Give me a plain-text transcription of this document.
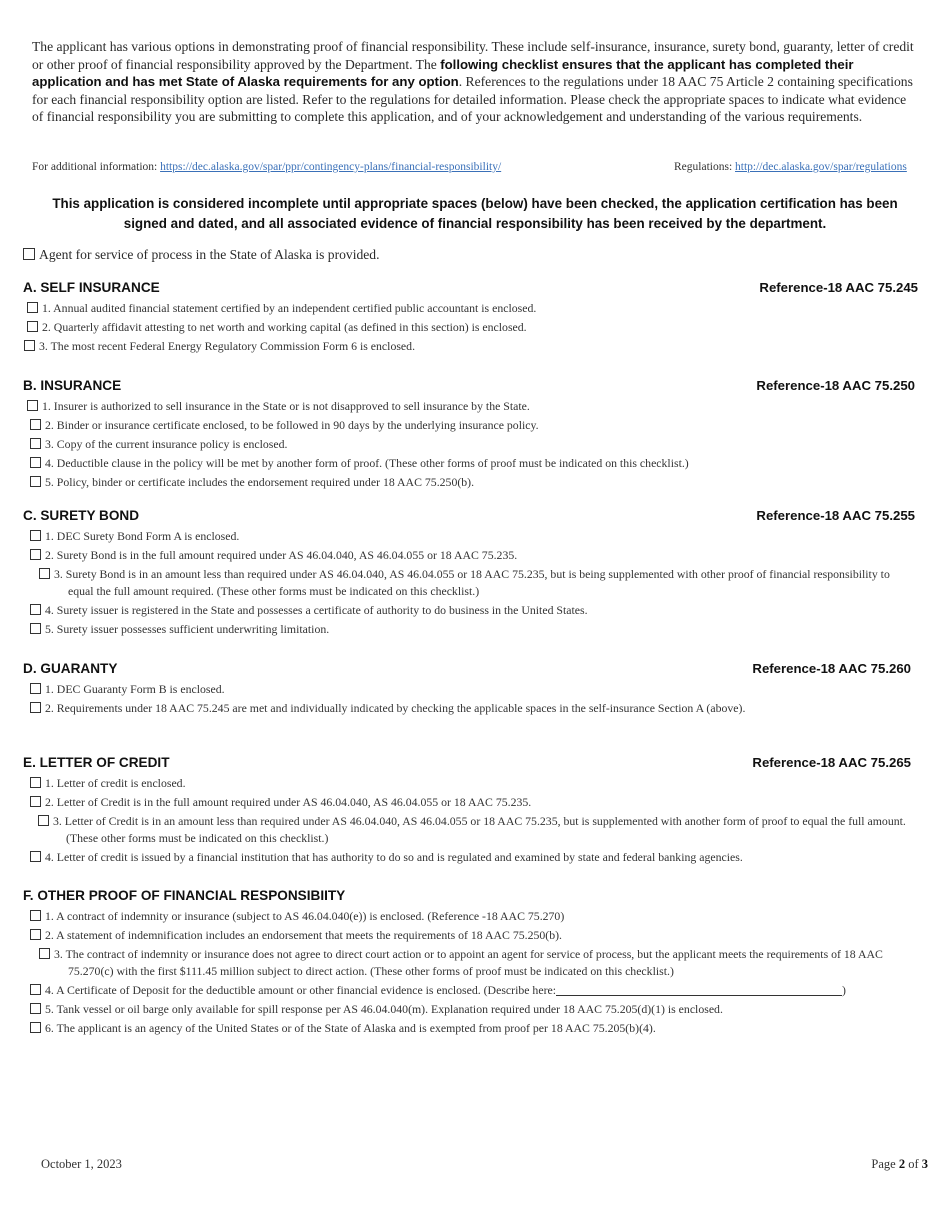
The applicant has various options in demonstrating proof of financial responsibility. These include self-insurance, insurance, surety bond, guaranty, letter of credit or other proof of financial responsibility approved by the Department. The following checklist ensures that the applicant has completed their application and has met State of Alaska requirements for any option. References to the regulations under 18 AAC 75 Article 2 containing specifications for each financial responsibility option are listed. Refer to the regulations for detailed information. Please check the appropriate spaces to indicate what evidence of financial responsibility you are submitting to complete this application, and of your acknowledgement and understanding of the various requirements.
For additional information: https://dec.alaska.gov/spar/ppr/contingency-plans/financial-responsibility/	Regulations: http://dec.alaska.gov/spar/regulations
This application is considered incomplete until appropriate spaces (below) have been checked, the application certification has been signed and dated, and all associated evidence of financial responsibility has been received by the department.
Agent for service of process in the State of Alaska is provided.
A. SELF INSURANCE	Reference-18 AAC 75.245
1. Annual audited financial statement certified by an independent certified public accountant is enclosed.
2. Quarterly affidavit attesting to net worth and working capital (as defined in this section) is enclosed.
3. The most recent Federal Energy Regulatory Commission Form 6 is enclosed.
B. INSURANCE	Reference-18 AAC 75.250
1. Insurer is authorized to sell insurance in the State or is not disapproved to sell insurance by the State.
2. Binder or insurance certificate enclosed, to be followed in 90 days by the underlying insurance policy.
3. Copy of the current insurance policy is enclosed.
4. Deductible clause in the policy will be met by another form of proof. (These other forms of proof must be indicated on this checklist.)
5. Policy, binder or certificate includes the endorsement required under 18 AAC 75.250(b).
C. SURETY BOND	Reference-18 AAC 75.255
1. DEC Surety Bond Form A is enclosed.
2. Surety Bond is in the full amount required under AS 46.04.040, AS 46.04.055 or 18 AAC 75.235.
3. Surety Bond is in an amount less than required under AS 46.04.040, AS 46.04.055 or 18 AAC 75.235, but is being supplemented with other proof of financial responsibility to equal the full amount required. (These other forms must be indicated on this checklist.)
4. Surety issuer is registered in the State and possesses a certificate of authority to do business in the United States.
5. Surety issuer possesses sufficient underwriting limitation.
D. GUARANTY	Reference-18 AAC 75.260
1. DEC Guaranty Form B is enclosed.
2. Requirements under 18 AAC 75.245 are met and individually indicated by checking the applicable spaces in the self-insurance Section A (above).
E. LETTER OF CREDIT	Reference-18 AAC 75.265
1. Letter of credit is enclosed.
2. Letter of Credit is in the full amount required under AS 46.04.040, AS 46.04.055 or 18 AAC 75.235.
3. Letter of Credit is in an amount less than required under AS 46.04.040, AS 46.04.055 or 18 AAC 75.235, but is supplemented with another form of proof to equal the full amount. (These other forms must be indicated on this checklist.)
4. Letter of credit is issued by a financial institution that has authority to do so and is regulated and examined by state and federal banking agencies.
F. OTHER PROOF OF FINANCIAL RESPONSIBIITY
1. A contract of indemnity or insurance (subject to AS 46.04.040(e)) is enclosed. (Reference -18 AAC 75.270)
2. A statement of indemnification includes an endorsement that meets the requirements of 18 AAC 75.250(b).
3. The contract of indemnity or insurance does not agree to direct court action or to appoint an agent for service of process, but the applicant meets the requirements of 18 AAC 75.270(c) with the first $111.45 million subject to direct action. (These other forms of proof must be indicated on this checklist.)
4. A Certificate of Deposit for the deductible amount or other financial evidence is enclosed. (Describe here:	)
5. Tank vessel or oil barge only available for spill response per AS 46.04.040(m). Explanation required under 18 AAC 75.205(d)(1) is enclosed.
6. The applicant is an agency of the United States or of the State of Alaska and is exempted from proof per 18 AAC 75.205(b)(4).
October 1, 2023	Page 2 of 3
